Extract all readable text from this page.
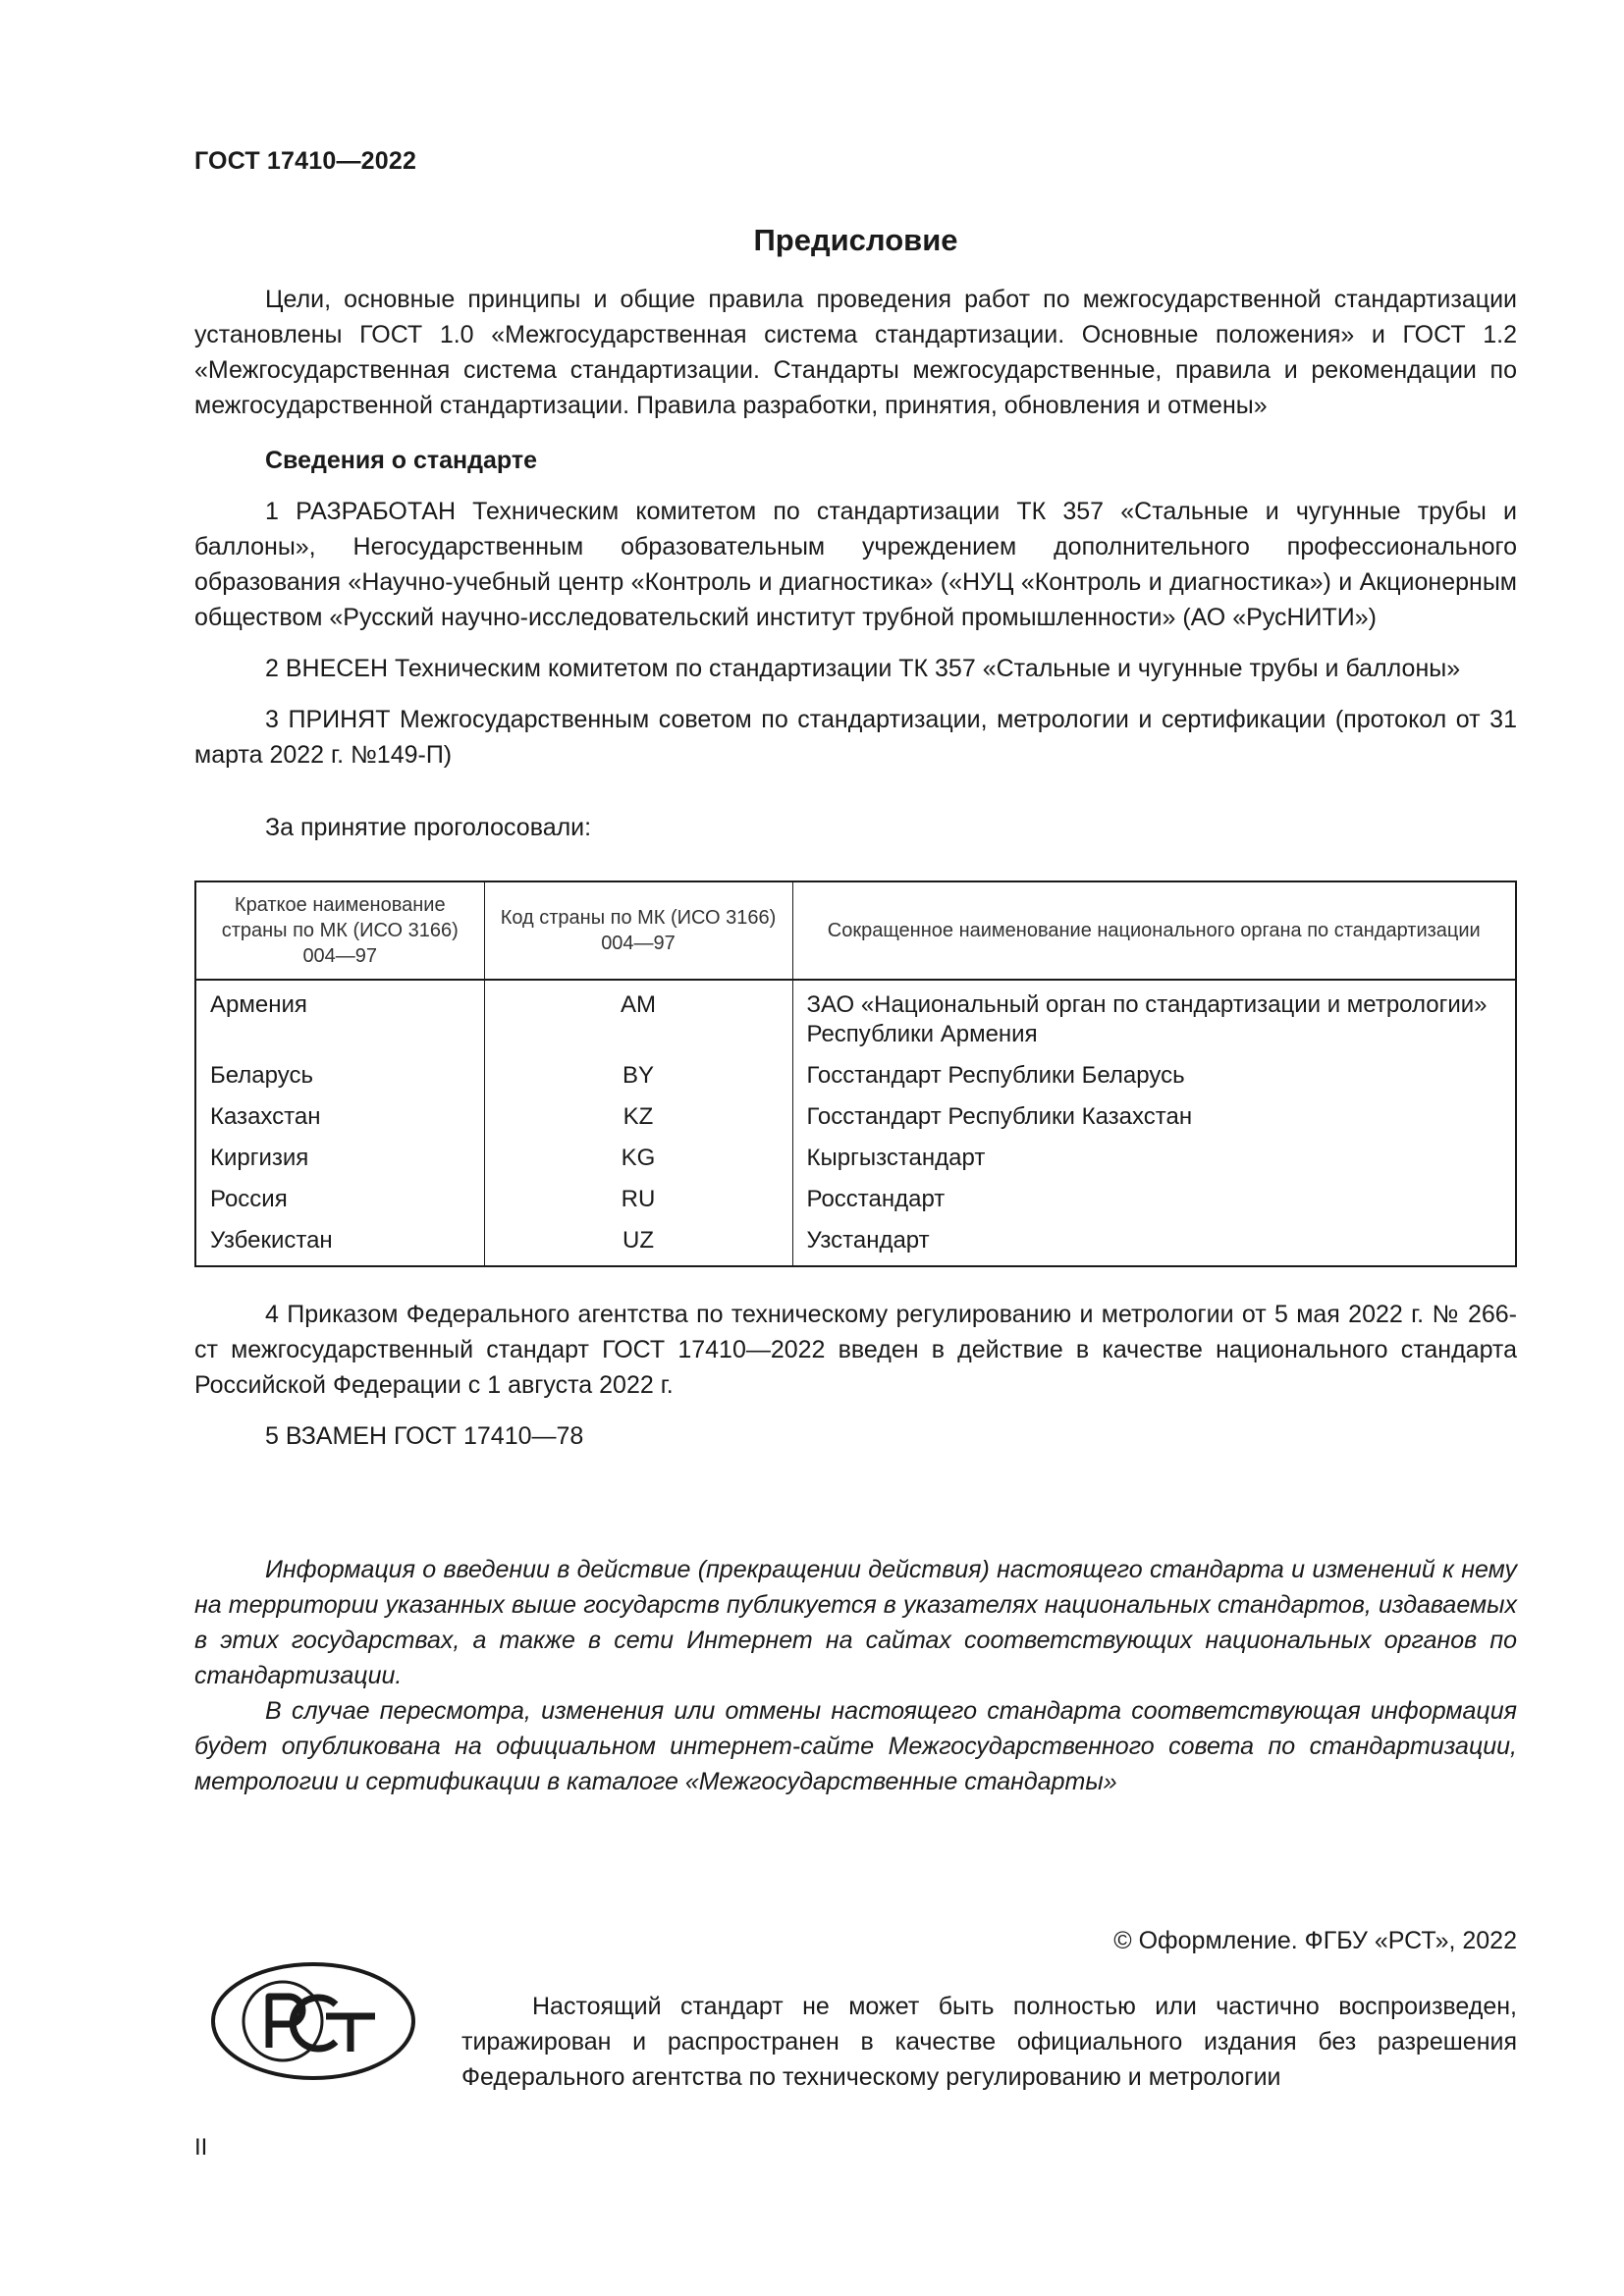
ГОСТ 17410—2022
Предисловие

Цели, основные принципы и общие правила проведения работ по межгосударственной стандартизации установлены ГОСТ 1.0 «Межгосударственная система стандартизации. Основные положения» и ГОСТ 1.2 «Межгосударственная система стандартизации. Стандарты межгосударственные, правила и рекомендации по межгосударственной стандартизации. Правила разработки, принятия, обновления и отмены»

Сведения о стандарте

1 РАЗРАБОТАН Техническим комитетом по стандартизации ТК 357 «Стальные и чугунные трубы и баллоны», Негосударственным образовательным учреждением дополнительного профессионального образования «Научно-учебный центр «Контроль и диагностика» («НУЦ «Контроль и диагностика») и Акционерным обществом «Русский научно-исследовательский институт трубной промышленности» (АО «РусНИТИ»)

2 ВНЕСЕН Техническим комитетом по стандартизации ТК 357 «Стальные и чугунные трубы и баллоны»

3 ПРИНЯТ Межгосударственным советом по стандартизации, метрологии и сертификации (протокол от 31 марта 2022 г. №149-П)

За принятие проголосовали:

Краткое наименование страны по МК (ИСО 3166) 004—97	Код страны по МК (ИСО 3166) 004—97	Сокращенное наименование национального органа по стандартизации
Армения	AM	ЗАО «Национальный орган по стандартизации и метрологии» Республики Армения
Беларусь	BY	Госстандарт Республики Беларусь
Казахстан	KZ	Госстандарт Республики Казахстан
Киргизия	KG	Кыргызстандарт
Россия	RU	Росстандарт
Узбекистан	UZ	Узстандарт

4 Приказом Федерального агентства по техническому регулированию и метрологии от 5 мая 2022 г. № 266-ст межгосударственный стандарт ГОСТ 17410—2022 введен в действие в качестве национального стандарта Российской Федерации с 1 августа 2022 г.

5 ВЗАМЕН ГОСТ 17410—78

Информация о введении в действие (прекращении действия) настоящего стандарта и изменений к нему на территории указанных выше государств публикуется в указателях национальных стандартов, издаваемых в этих государствах, а также в сети Интернет на сайтах соответствующих национальных органов по стандартизации.

В случае пересмотра, изменения или отмены настоящего стандарта соответствующая информация будет опубликована на официальном интернет-сайте Межгосударственного совета по стандартизации, метрологии и сертификации в каталоге «Межгосударственные стандарты»

© Оформление. ФГБУ «РСТ», 2022
Настоящий стандарт не может быть полностью или частично воспроизведен, тиражирован и распространен в качестве официального издания без разрешения Федерального агентства по техническому регулированию и метрологии
II
